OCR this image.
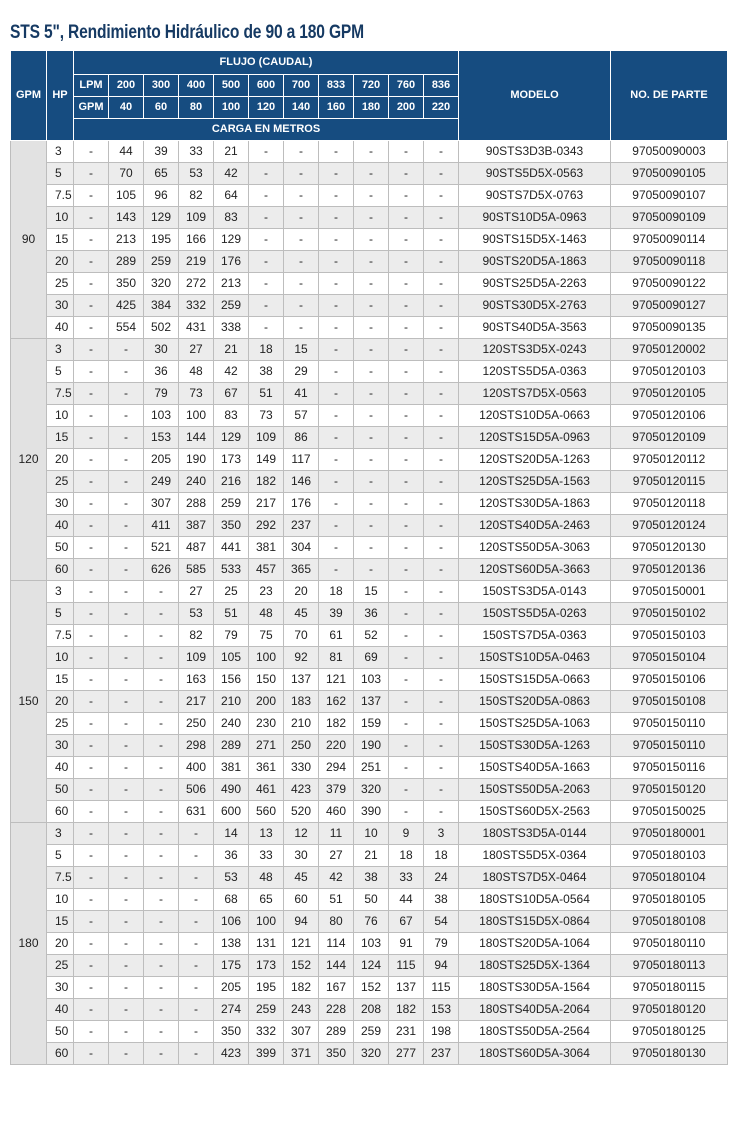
STS 5", Rendimiento Hidráulico de 90 a 180 GPM
GPM	HP	FLUJO (CAUDAL)											MODELO	NO. DE PARTE
		LPM	200	300	400	500	600	700	833	720	760	836		
		GPM	40	60	80	100	120	140	160	180	200	220		
		CARGA EN METROS												
90	3	-	44	39	33	21	-	-	-	-	-	-	90STS3D3B-0343	97050090003
	5	-	70	65	53	42	-	-	-	-	-	-	90STS5D5X-0563	97050090105
	7.5	-	105	96	82	64	-	-	-	-	-	-	90STS7D5X-0763	97050090107
	10	-	143	129	109	83	-	-	-	-	-	-	90STS10D5A-0963	97050090109
	15	-	213	195	166	129	-	-	-	-	-	-	90STS15D5X-1463	97050090114
	20	-	289	259	219	176	-	-	-	-	-	-	90STS20D5A-1863	97050090118
	25	-	350	320	272	213	-	-	-	-	-	-	90STS25D5A-2263	97050090122
	30	-	425	384	332	259	-	-	-	-	-	-	90STS30D5X-2763	97050090127
	40	-	554	502	431	338	-	-	-	-	-	-	90STS40D5A-3563	97050090135
120	3	-	-	30	27	21	18	15	-	-	-	-	120STS3D5X-0243	97050120002
	5	-	-	36	48	42	38	29	-	-	-	-	120STS5D5A-0363	97050120103
	7.5	-	-	79	73	67	51	41	-	-	-	-	120STS7D5X-0563	97050120105
	10	-	-	103	100	83	73	57	-	-	-	-	120STS10D5A-0663	97050120106
	15	-	-	153	144	129	109	86	-	-	-	-	120STS15D5A-0963	97050120109
	20	-	-	205	190	173	149	117	-	-	-	-	120STS20D5A-1263	97050120112
	25	-	-	249	240	216	182	146	-	-	-	-	120STS25D5A-1563	97050120115
	30	-	-	307	288	259	217	176	-	-	-	-	120STS30D5A-1863	97050120118
	40	-	-	411	387	350	292	237	-	-	-	-	120STS40D5A-2463	97050120124
	50	-	-	521	487	441	381	304	-	-	-	-	120STS50D5A-3063	97050120130
	60	-	-	626	585	533	457	365	-	-	-	-	120STS60D5A-3663	97050120136
150	3	-	-	-	27	25	23	20	18	15	-	-	150STS3D5A-0143	97050150001
	5	-	-	-	53	51	48	45	39	36	-	-	150STS5D5A-0263	97050150102
	7.5	-	-	-	82	79	75	70	61	52	-	-	150STS7D5A-0363	97050150103
	10	-	-	-	109	105	100	92	81	69	-	-	150STS10D5A-0463	97050150104
	15	-	-	-	163	156	150	137	121	103	-	-	150STS15D5A-0663	97050150106
	20	-	-	-	217	210	200	183	162	137	-	-	150STS20D5A-0863	97050150108
	25	-	-	-	250	240	230	210	182	159	-	-	150STS25D5A-1063	97050150110
	30	-	-	-	298	289	271	250	220	190	-	-	150STS30D5A-1263	97050150110
	40	-	-	-	400	381	361	330	294	251	-	-	150STS40D5A-1663	97050150116
	50	-	-	-	506	490	461	423	379	320	-	-	150STS50D5A-2063	97050150120
	60	-	-	-	631	600	560	520	460	390	-	-	150STS60D5X-2563	97050150025
180	3	-	-	-	-	14	13	12	11	10	9	3	180STS3D5A-0144	97050180001
	5	-	-	-	-	36	33	30	27	21	18	18	180STS5D5X-0364	97050180103
	7.5	-	-	-	-	53	48	45	42	38	33	24	180STS7D5X-0464	97050180104
	10	-	-	-	-	68	65	60	51	50	44	38	180STS10D5A-0564	97050180105
	15	-	-	-	-	106	100	94	80	76	67	54	180STS15D5X-0864	97050180108
	20	-	-	-	-	138	131	121	114	103	91	79	180STS20D5A-1064	97050180110
	25	-	-	-	-	175	173	152	144	124	115	94	180STS25D5X-1364	97050180113
	30	-	-	-	-	205	195	182	167	152	137	115	180STS30D5A-1564	97050180115
	40	-	-	-	-	274	259	243	228	208	182	153	180STS40D5A-2064	97050180120
	50	-	-	-	-	350	332	307	289	259	231	198	180STS50D5A-2564	97050180125
	60	-	-	-	-	423	399	371	350	320	277	237	180STS60D5A-3064	97050180130
